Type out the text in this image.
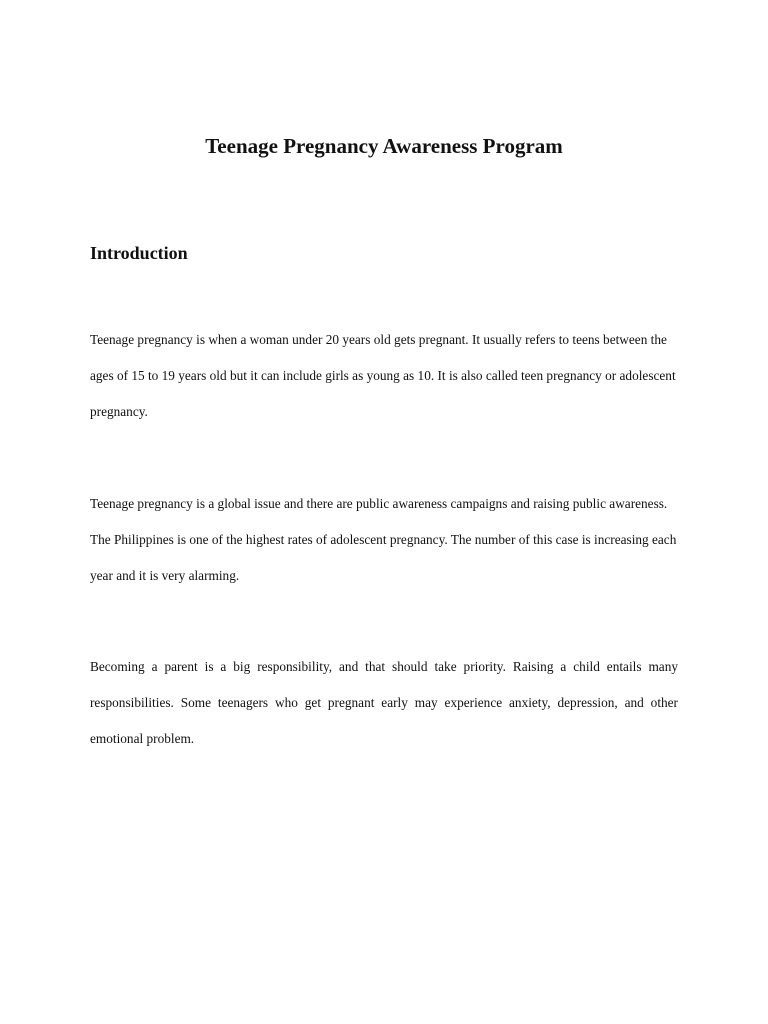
Teenage Pregnancy Awareness Program
Introduction

Teenage pregnancy is when a woman under 20 years old gets pregnant. It usually refers to teens between the ages of 15 to 19 years old but it can include girls as young as 10. It is also called teen pregnancy or adolescent pregnancy.

Teenage pregnancy is a global issue and there are public awareness campaigns and raising public awareness. The Philippines is one of the highest rates of adolescent pregnancy. The number of this case is increasing each year and it is very alarming.

Becoming a parent is a big responsibility, and that should take priority. Raising a child entails many responsibilities. Some teenagers who get pregnant early may experience anxiety, depression, and other emotional problem.
